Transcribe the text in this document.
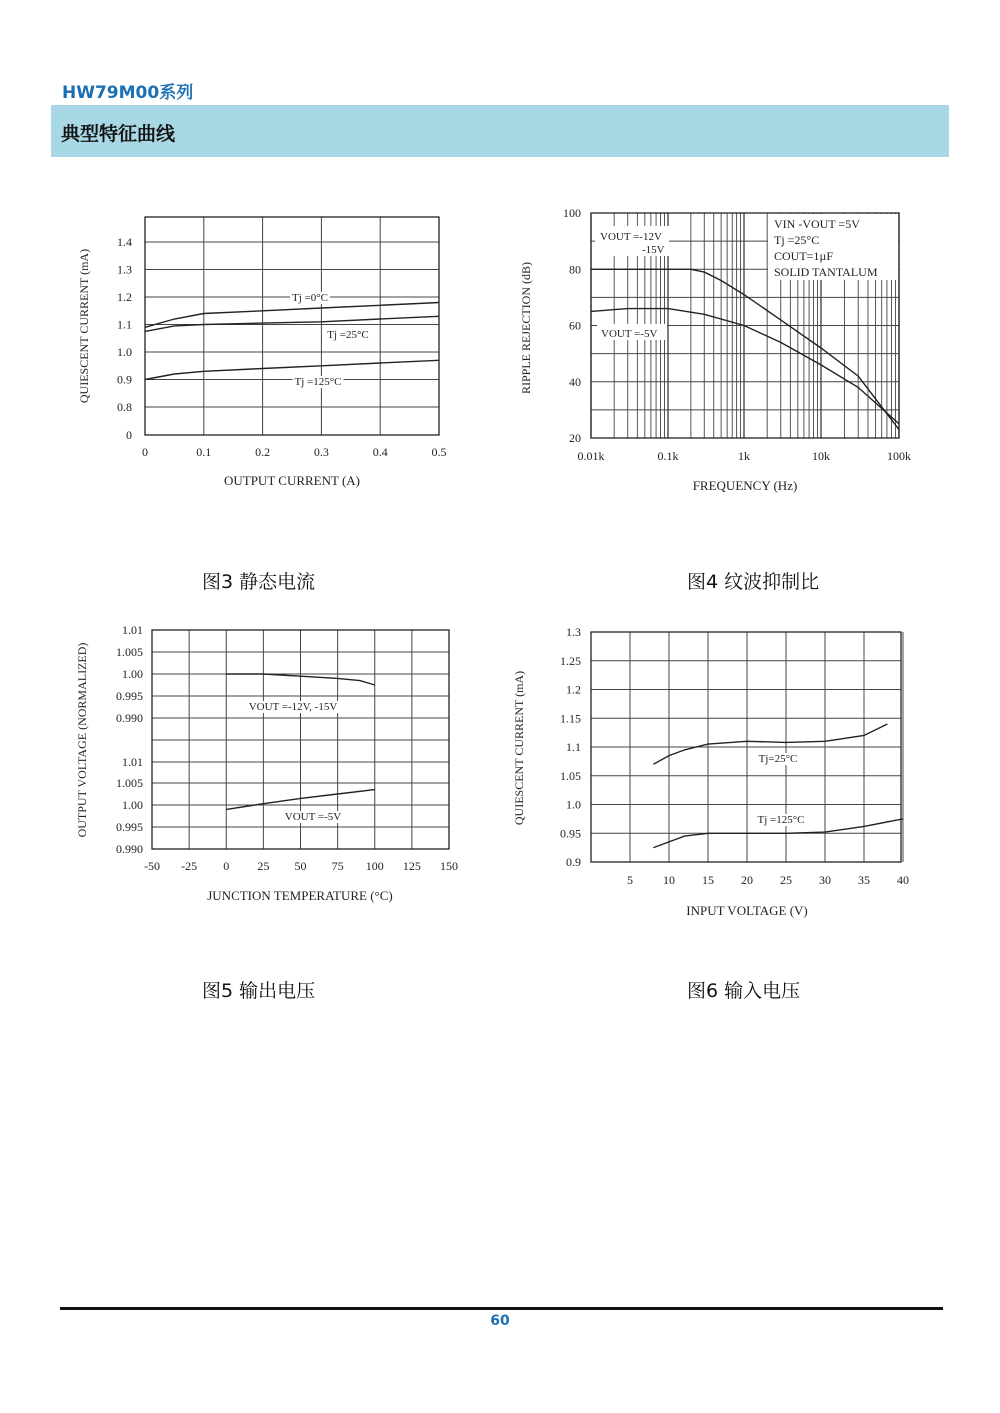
HW79M00系列
典型特征曲线
0
0.8
0.9
1.0
1.1
1.2
1.3
1.4
0	0.1	0.2	0.3	0.4	0.5
OUTPUT CURRENT (A)
QUIESCENT CURRENT (mA)	Tj =0°C
Tj =25°C
Tj =125°C
20
40
60
80
100
0.01k	0.1k	1k	10k	100k
FREQUENCY (Hz)
RIPPLE REJECTION (dB)
VIN -VOUT =5V
Tj =25°C
COUT=1µF
SOLID TANTALUM
VOUT =-12V
-15V
VOUT =-5V
1.01
1.005
1.00
0.995
0.990
1.01
1.005
1.00
0.995
0.990
-50 -25 0 25 50 75 100 125 150
JUNCTION TEMPERATURE (°C)
OUTPUT VOLTAGE (NORMALIZED)	VOUT =-12V, -15V
VOUT =-5V
0.9
0.95
1.0
1.05
1.1
1.15
1.2
1.25
1.3
5	10 15 20 25 30 35 40
INPUT VOLTAGE (V)
QUIESCENT CURRENT (mA)	Tj=25°C
Tj =125°C
图3 静态电流	图4 纹波抑制比
图5 输出电压	图6 输入电压
60
